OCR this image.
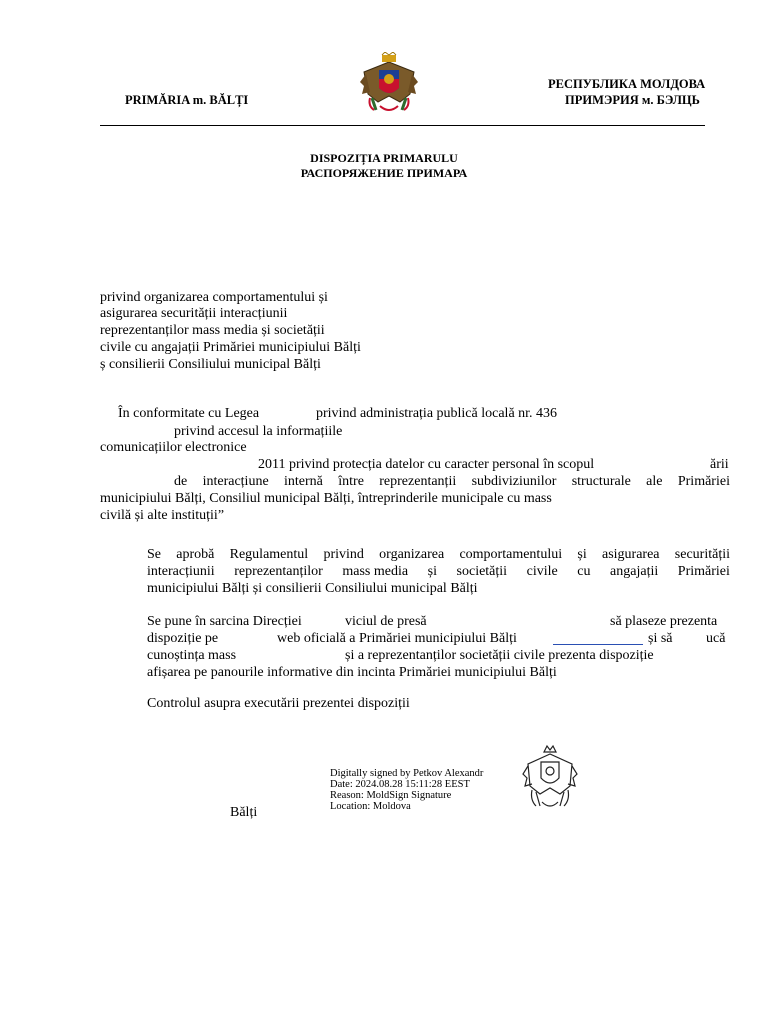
PRIMĂRIA m. BĂLȚI
РЕСПУБЛИКА МОЛДОВА
ПРИМЭРИЯ м. БЭЛЦЬ
DISPOZIȚIA PRIMARULU
РАСПОРЯЖЕНИЕ ПРИМАРА
privind organizarea comportamentului și
asigurarea securității interacțiunii
reprezentanților mass media și societății
civile cu angajații Primăriei municipiului Bălți
ș consilierii Consiliului municipal Bălți
În conformitate cu Legea	privind administrația publică locală nr. 436
privind accesul la informațiile
comunicațiilor electronice
2011 privind protecția datelor cu caracter personal în scopul	ării
de interacțiune internă între reprezentanții subdiviziunilor structurale ale Primăriei
municipiului Bălți, Consiliul municipal Bălți, întreprinderile municipale cu mass
civilă și alte instituții”
Se aprobă Regulamentul privind organizarea comportamentului și asigurarea securității
interacțiunii reprezentanților mass media și societății civile cu angajații Primăriei
municipiului Bălți și consilierii Consiliului municipal Bălți
Se pune în sarcina Direcției	viciul de presă	să plaseze prezenta
dispoziție pe	web oficială a Primăriei municipiului Bălți	și să ucă
cunoștința mass	și a reprezentanților societății civile prezenta dispoziție
afișarea pe panourile informative din incinta Primăriei municipiului Bălți
Controlul asupra executării prezentei dispoziții
Digitally signed by Petkov Alexandr
Date: 2024.08.28 15:11:28 EEST
Reason: MoldSign Signature
Location: Moldova
Bălți
